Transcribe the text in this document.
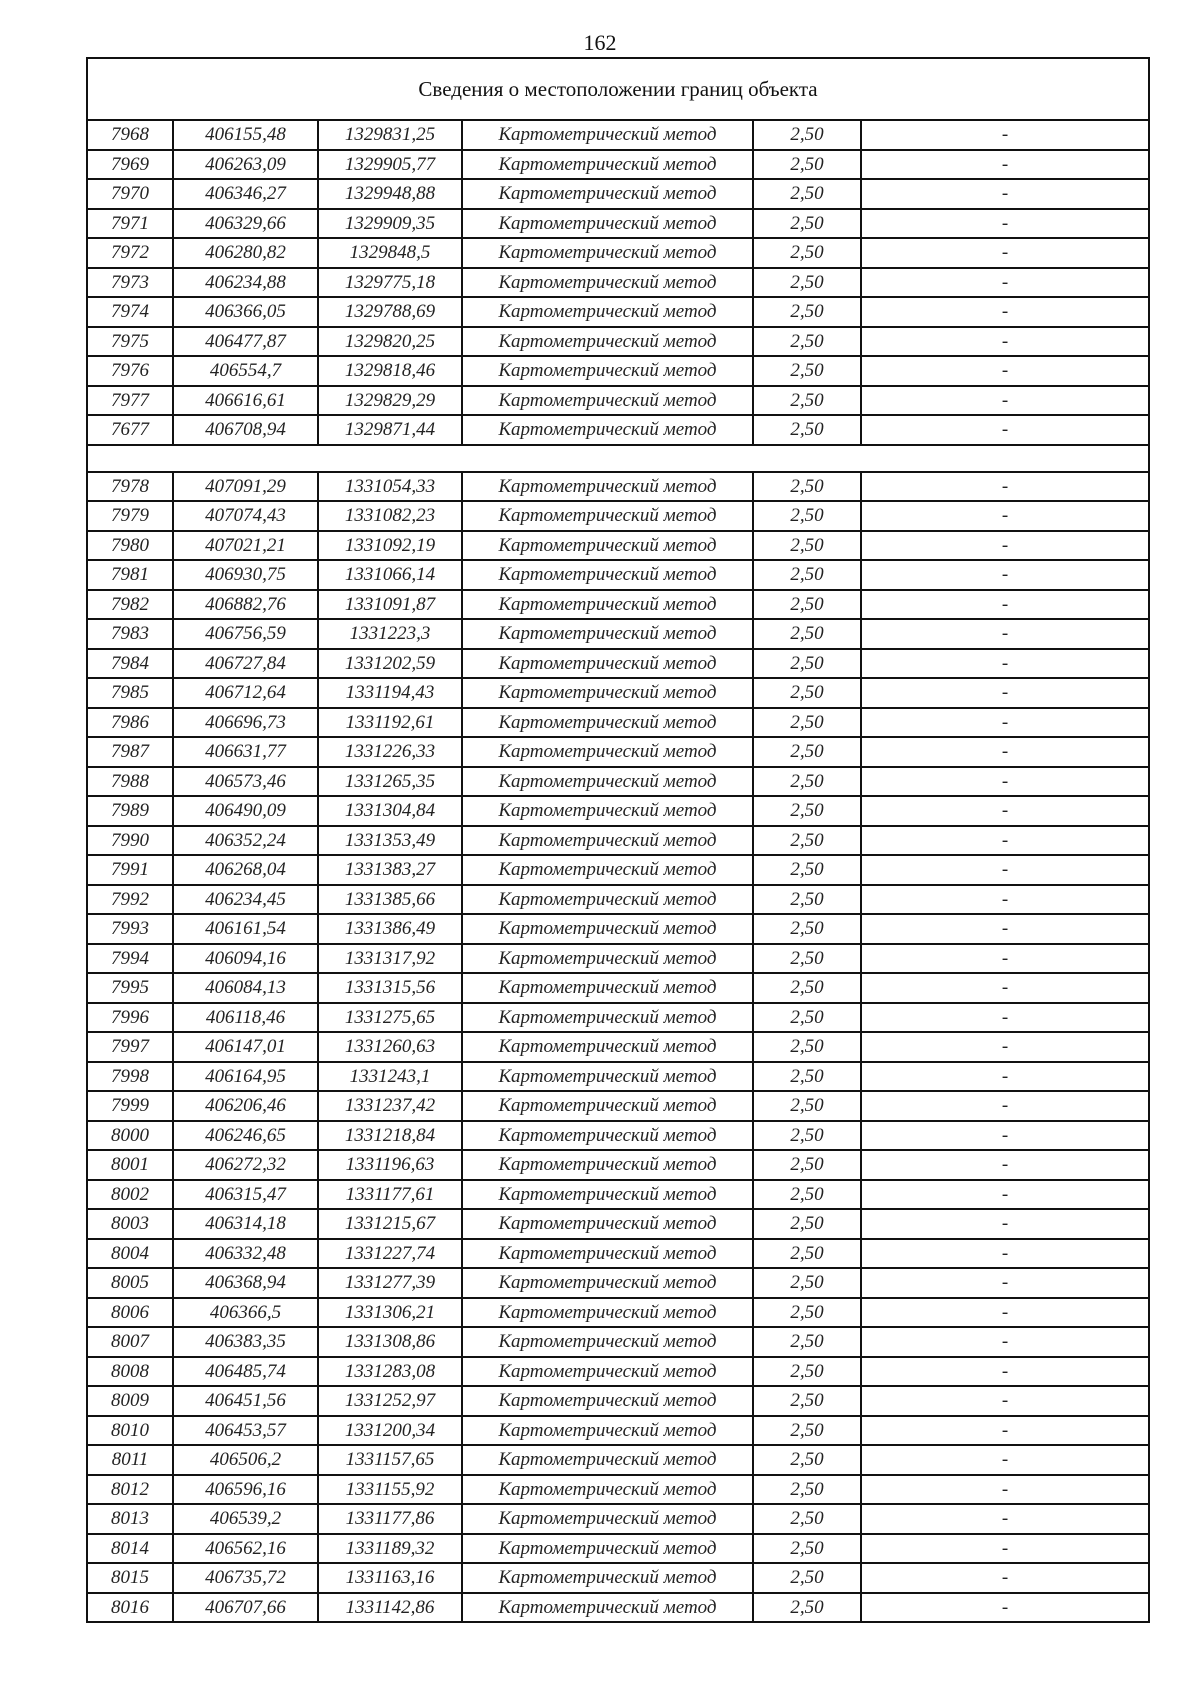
162
Сведения о местоположении границ объекта					
7968	406155,48	1329831,25	Картометрический метод	2,50	-
7969	406263,09	1329905,77	Картометрический метод	2,50	-
7970	406346,27	1329948,88	Картометрический метод	2,50	-
7971	406329,66	1329909,35	Картометрический метод	2,50	-
7972	406280,82	1329848,5	Картометрический метод	2,50	-
7973	406234,88	1329775,18	Картометрический метод	2,50	-
7974	406366,05	1329788,69	Картометрический метод	2,50	-
7975	406477,87	1329820,25	Картометрический метод	2,50	-
7976	406554,7	1329818,46	Картометрический метод	2,50	-
7977	406616,61	1329829,29	Картометрический метод	2,50	-
7677	406708,94	1329871,44	Картометрический метод	2,50	-

7978	407091,29	1331054,33	Картометрический метод	2,50	-
7979	407074,43	1331082,23	Картометрический метод	2,50	-
7980	407021,21	1331092,19	Картометрический метод	2,50	-
7981	406930,75	1331066,14	Картометрический метод	2,50	-
7982	406882,76	1331091,87	Картометрический метод	2,50	-
7983	406756,59	1331223,3	Картометрический метод	2,50	-
7984	406727,84	1331202,59	Картометрический метод	2,50	-
7985	406712,64	1331194,43	Картометрический метод	2,50	-
7986	406696,73	1331192,61	Картометрический метод	2,50	-
7987	406631,77	1331226,33	Картометрический метод	2,50	-
7988	406573,46	1331265,35	Картометрический метод	2,50	-
7989	406490,09	1331304,84	Картометрический метод	2,50	-
7990	406352,24	1331353,49	Картометрический метод	2,50	-
7991	406268,04	1331383,27	Картометрический метод	2,50	-
7992	406234,45	1331385,66	Картометрический метод	2,50	-
7993	406161,54	1331386,49	Картометрический метод	2,50	-
7994	406094,16	1331317,92	Картометрический метод	2,50	-
7995	406084,13	1331315,56	Картометрический метод	2,50	-
7996	406118,46	1331275,65	Картометрический метод	2,50	-
7997	406147,01	1331260,63	Картометрический метод	2,50	-
7998	406164,95	1331243,1	Картометрический метод	2,50	-
7999	406206,46	1331237,42	Картометрический метод	2,50	-
8000	406246,65	1331218,84	Картометрический метод	2,50	-
8001	406272,32	1331196,63	Картометрический метод	2,50	-
8002	406315,47	1331177,61	Картометрический метод	2,50	-
8003	406314,18	1331215,67	Картометрический метод	2,50	-
8004	406332,48	1331227,74	Картометрический метод	2,50	-
8005	406368,94	1331277,39	Картометрический метод	2,50	-
8006	406366,5	1331306,21	Картометрический метод	2,50	-
8007	406383,35	1331308,86	Картометрический метод	2,50	-
8008	406485,74	1331283,08	Картометрический метод	2,50	-
8009	406451,56	1331252,97	Картометрический метод	2,50	-
8010	406453,57	1331200,34	Картометрический метод	2,50	-
8011	406506,2	1331157,65	Картометрический метод	2,50	-
8012	406596,16	1331155,92	Картометрический метод	2,50	-
8013	406539,2	1331177,86	Картометрический метод	2,50	-
8014	406562,16	1331189,32	Картометрический метод	2,50	-
8015	406735,72	1331163,16	Картометрический метод	2,50	-
8016	406707,66	1331142,86	Картометрический метод	2,50	-
